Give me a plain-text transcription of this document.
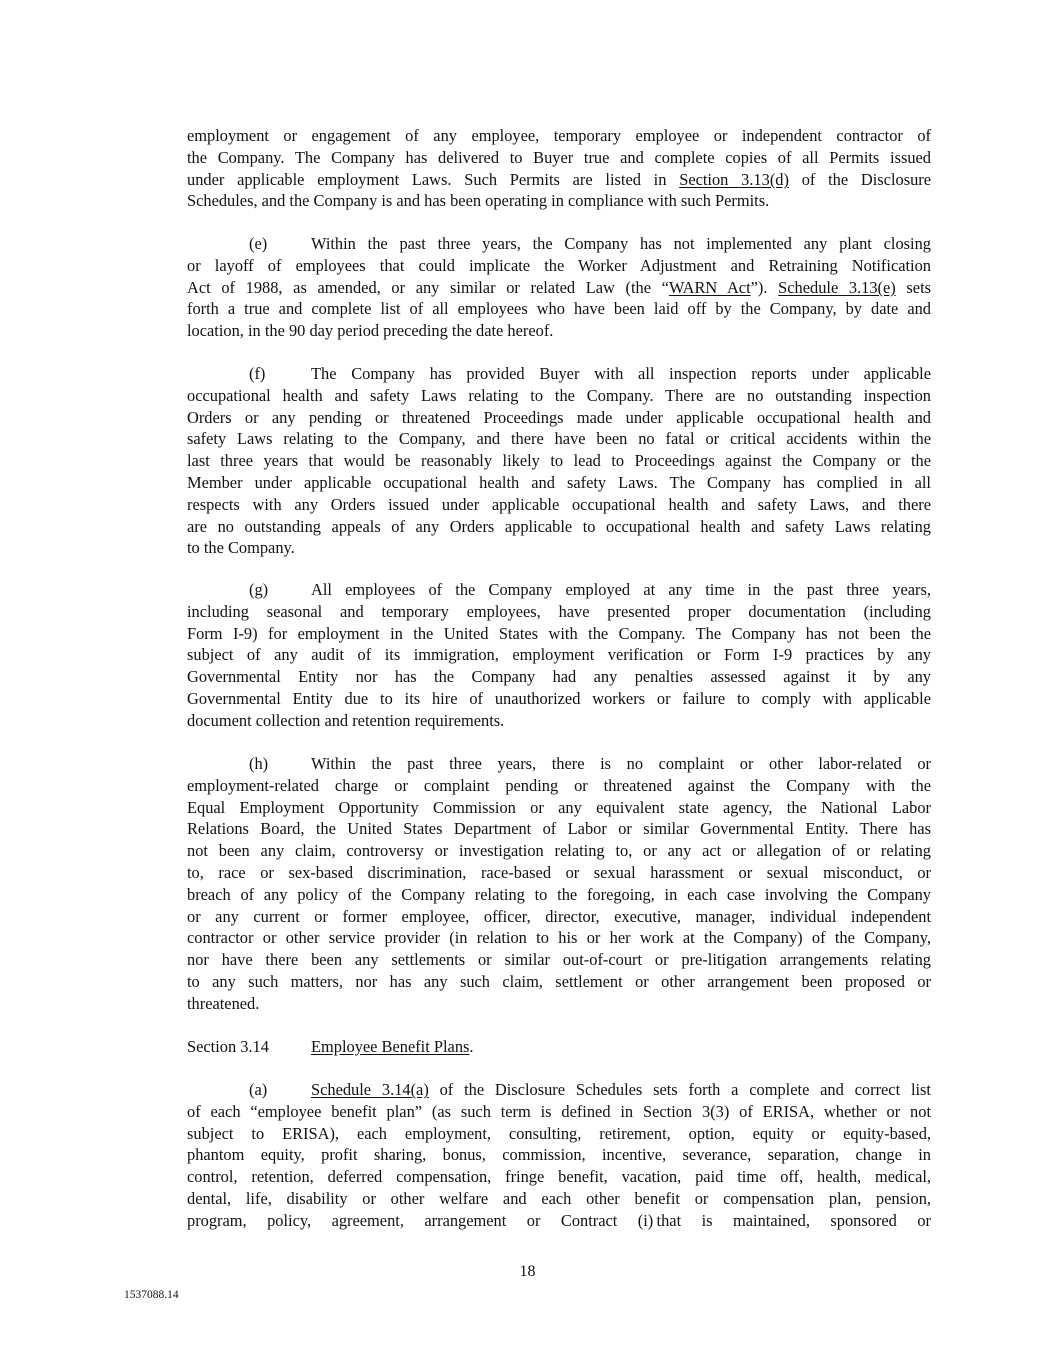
employment or engagement of any employee, temporary employee or independent contractor of
the Company. The Company has delivered to Buyer true and complete copies of all Permits issued
under applicable employment Laws. Such Permits are listed in Section 3.13(d) of the Disclosure
Schedules, and the Company is and has been operating in compliance with such Permits.
(e)	Within the past three years, the Company has not implemented any plant closing
or layoff of employees that could implicate the Worker Adjustment and Retraining Notification
Act of 1988, as amended, or any similar or related Law (the “WARN Act”). Schedule 3.13(e) sets
forth a true and complete list of all employees who have been laid off by the Company, by date and
location, in the 90 day period preceding the date hereof.
(f)	The Company has provided Buyer with all inspection reports under applicable
occupational health and safety Laws relating to the Company. There are no outstanding inspection
Orders or any pending or threatened Proceedings made under applicable occupational health and
safety Laws relating to the Company, and there have been no fatal or critical accidents within the
last three years that would be reasonably likely to lead to Proceedings against the Company or the
Member under applicable occupational health and safety Laws. The Company has complied in all
respects with any Orders issued under applicable occupational health and safety Laws, and there
are no outstanding appeals of any Orders applicable to occupational health and safety Laws relating
to the Company.
(g)	All employees of the Company employed at any time in the past three years,
including seasonal and temporary employees, have presented proper documentation (including
Form I-9) for employment in the United States with the Company. The Company has not been the
subject of any audit of its immigration, employment verification or Form I-9 practices by any
Governmental Entity nor has the Company had any penalties assessed against it by any
Governmental Entity due to its hire of unauthorized workers or failure to comply with applicable
document collection and retention requirements.
(h)	Within the past three years, there is no complaint or other labor-related or
employment-related charge or complaint pending or threatened against the Company with the
Equal Employment Opportunity Commission or any equivalent state agency, the National Labor
Relations Board, the United States Department of Labor or similar Governmental Entity. There has
not been any claim, controversy or investigation relating to, or any act or allegation of or relating
to, race or sex-based discrimination, race-based or sexual harassment or sexual misconduct, or
breach of any policy of the Company relating to the foregoing, in each case involving the Company
or any current or former employee, officer, director, executive, manager, individual independent
contractor or other service provider (in relation to his or her work at the Company) of the Company,
nor have there been any settlements or similar out-of-court or pre-litigation arrangements relating
to any such matters, nor has any such claim, settlement or other arrangement been proposed or
threatened.
Section 3.14	Employee Benefit Plans.
(a)	Schedule 3.14(a) of the Disclosure Schedules sets forth a complete and correct list
of each “employee benefit plan” (as such term is defined in Section 3(3) of ERISA, whether or not
subject to ERISA), each employment, consulting, retirement, option, equity or equity-based,
phantom equity, profit sharing, bonus, commission, incentive, severance, separation, change in
control, retention, deferred compensation, fringe benefit, vacation, paid time off, health, medical,
dental, life, disability or other welfare and each other benefit or compensation plan, pension,
program, policy, agreement, arrangement or Contract (i) that is maintained, sponsored or
18
1537088.14
